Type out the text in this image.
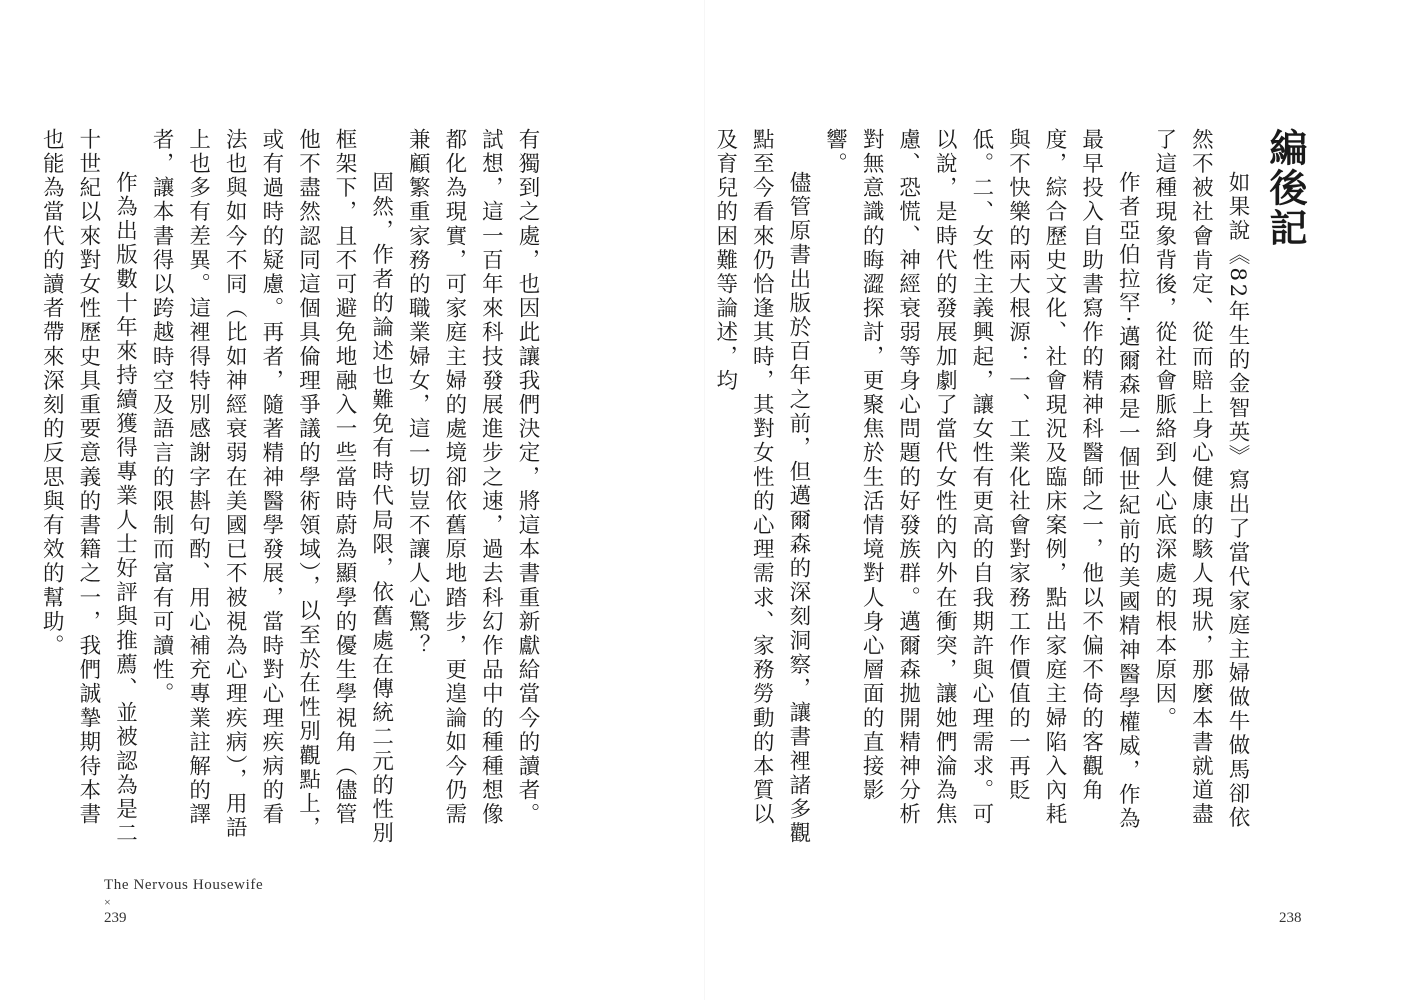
編後記

如果說《82年生的金智英》寫出了當代家庭主婦做牛做馬卻依然不被社會肯定、從而賠上身心健康的駭人現狀，那麼本書就道盡了這種現象背後，從社會脈絡到人心底深處的根本原因。

作者亞伯拉罕‧邁爾森是一個世紀前的美國精神醫學權威，作為最早投入自助書寫作的精神科醫師之一，他以不偏不倚的客觀角度，綜合歷史文化、社會現況及臨床案例，點出家庭主婦陷入內耗與不快樂的兩大根源：一、工業化社會對家務工作價值的一再貶低。二、女性主義興起，讓女性有更高的自我期許與心理需求。可以說，是時代的發展加劇了當代女性的內外在衝突，讓她們淪為焦慮、恐慌、神經衰弱等身心問題的好發族群。邁爾森拋開精神分析對無意識的晦澀探討，更聚焦於生活情境對人身心層面的直接影響。

儘管原書出版於百年之前，但邁爾森的深刻洞察，讓書裡諸多觀點至今看來仍恰逢其時，其對女性的心理需求、家務勞動的本質以及育兒的困難等論述，均

238

有獨到之處，也因此讓我們決定，將這本書重新獻給當今的讀者。試想，這一百年來科技發展進步之速，過去科幻作品中的種種想像都化為現實，可家庭主婦的處境卻依舊原地踏步，更遑論如今仍需兼顧繁重家務的職業婦女，這一切豈不讓人心驚？

固然，作者的論述也難免有時代局限，依舊處在傳統二元的性別框架下，且不可避免地融入一些當時蔚為顯學的優生學視角（儘管他不盡然認同這個具倫理爭議的學術領域），以至於在性別觀點上，或有過時的疑慮。再者，隨著精神醫學發展，當時對心理疾病的看法也與如今不同（比如神經衰弱在美國已不被視為心理疾病），用語上也多有差異。這裡得特別感謝字斟句酌、用心補充專業註解的譯者，讓本書得以跨越時空及語言的限制而富有可讀性。

作為出版數十年來持續獲得專業人士好評與推薦、並被認為是二十世紀以來對女性歷史具重要意義的書籍之一，我們誠摯期待本書也能為當代的讀者帶來深刻的反思與有效的幫助。

The Nervous Housewife
×
239
